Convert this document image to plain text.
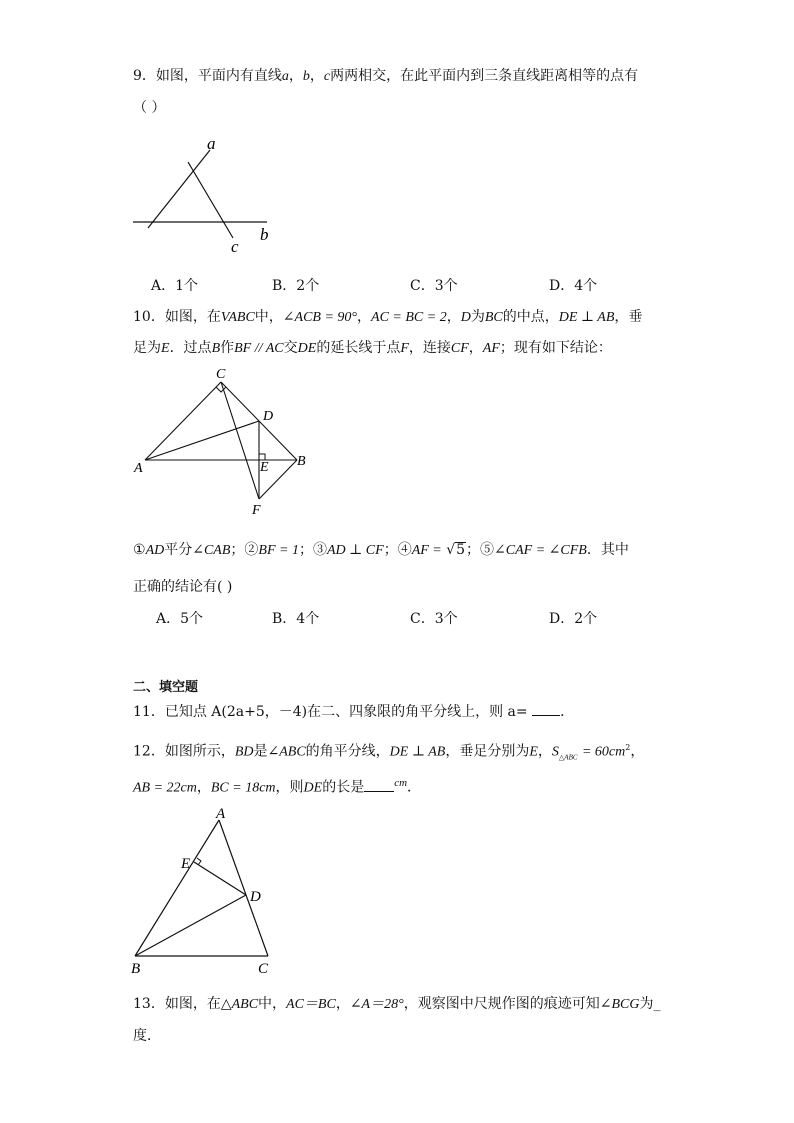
9．如图，平面内有直线a，b，c两两相交，在此平面内到三条直线距离相等的点有
（ ）
a
b
c
A．1个	B．2个	C．3个	D．4个
10．如图，在VABC中，∠ACB = 90°，AC = BC = 2，D为BC的中点，DE ⊥ AB，垂
足为E．过点B作BF // AC交DE的延长线于点F，连接CF，AF；现有如下结论：
C
D
A	E B
F
①AD平分∠CAB；②BF = 1；③AD ⊥ CF；④AF = √5；⑤∠CAF = ∠CFB．其中
正确的结论有( )
A．5个	B．4个	C．3个	D．2个
二、填空题
11．已知点 A(2a+5，－4)在二、四象限的角平分线上，则 a= ．
12．如图所示，BD是∠ABC的角平分线，DE ⊥ AB，垂足分别为E，$S_{\triangle ABC} = 60cm^2$，
AB = 22cm，BC = 18cm，则DE的长是	$^{cm}$．
A
E
D
B	C
13．如图，在△ABC中，AC＝BC，∠A＝28°，观察图中尺规作图的痕迹可知∠BCG为_
度．
